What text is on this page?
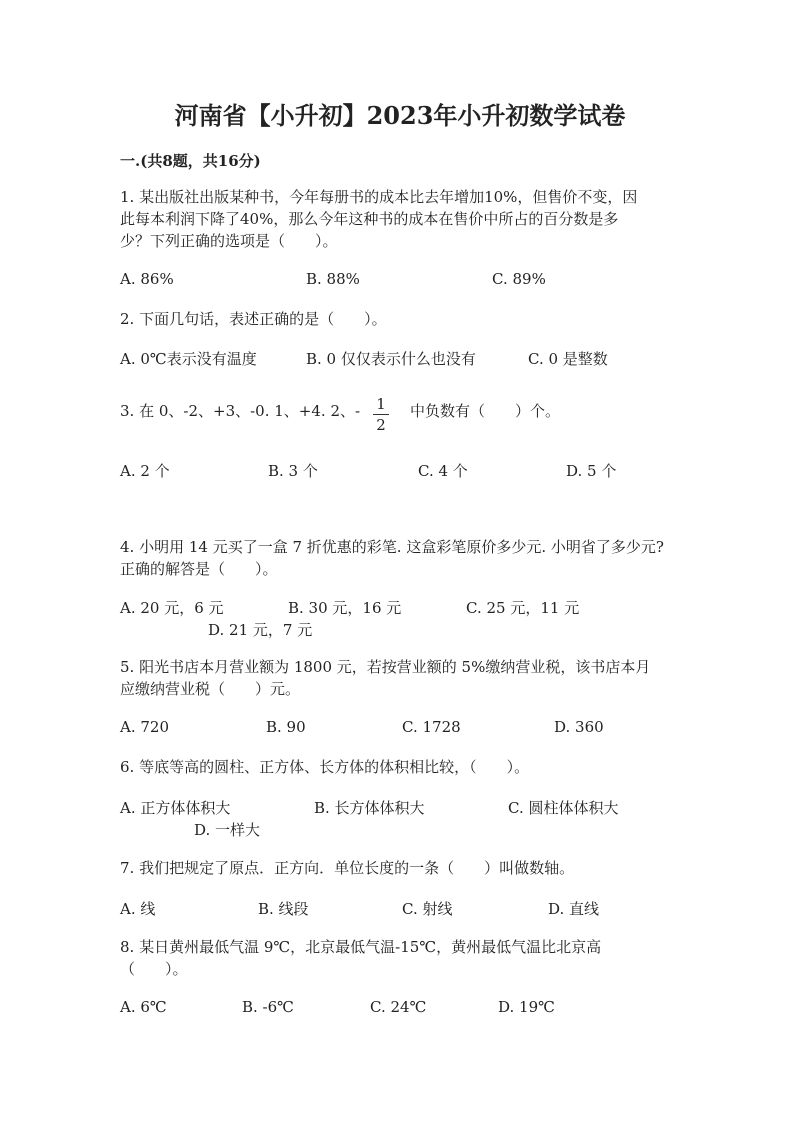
河南省【小升初】2023年小升初数学试卷
一.(共8题，共16分)
1. 某出版社出版某种书，今年每册书的成本比去年增加10%，但售价不变，因
此每本利润下降了40%，那么今年这种书的成本在售价中所占的百分数是多
少？下列正确的选项是（　　）。
A. 86%	B. 88%	C. 89%
2. 下面几句话，表述正确的是（　　）。
A. 0℃表示没有温度	B. 0 仅仅表示什么也没有	C. 0 是整数
3. 在 0、-2、+3、-0. 1、+4. 2、- 1
2
中负数有（　　）个。
A. 2 个	B. 3 个	C. 4 个	D. 5 个
4. 小明用 14 元买了一盒 7 折优惠的彩笔. 这盒彩笔原价多少元. 小明省了多少元?
正确的解答是（　　）。
A. 20 元，6 元	B. 30 元，16 元	C. 25 元，11 元
D. 21 元，7 元
5. 阳光书店本月营业额为 1800 元，若按营业额的 5%缴纳营业税，该书店本月
应缴纳营业税（　　）元。
A. 720	B. 90	C. 1728	D. 360
6. 等底等高的圆柱、正方体、长方体的体积相比较，（　　）。
A. 正方体体积大	B. 长方体体积大	C. 圆柱体体积大
D. 一样大
7. 我们把规定了原点．正方向．单位长度的一条（　　）叫做数轴。
A. 线	B. 线段	C. 射线	D. 直线
8. 某日黄州最低气温 9℃，北京最低气温-15℃，黄州最低气温比北京高
（　　）。
A. 6℃	B. -6℃	C. 24℃	D. 19℃
